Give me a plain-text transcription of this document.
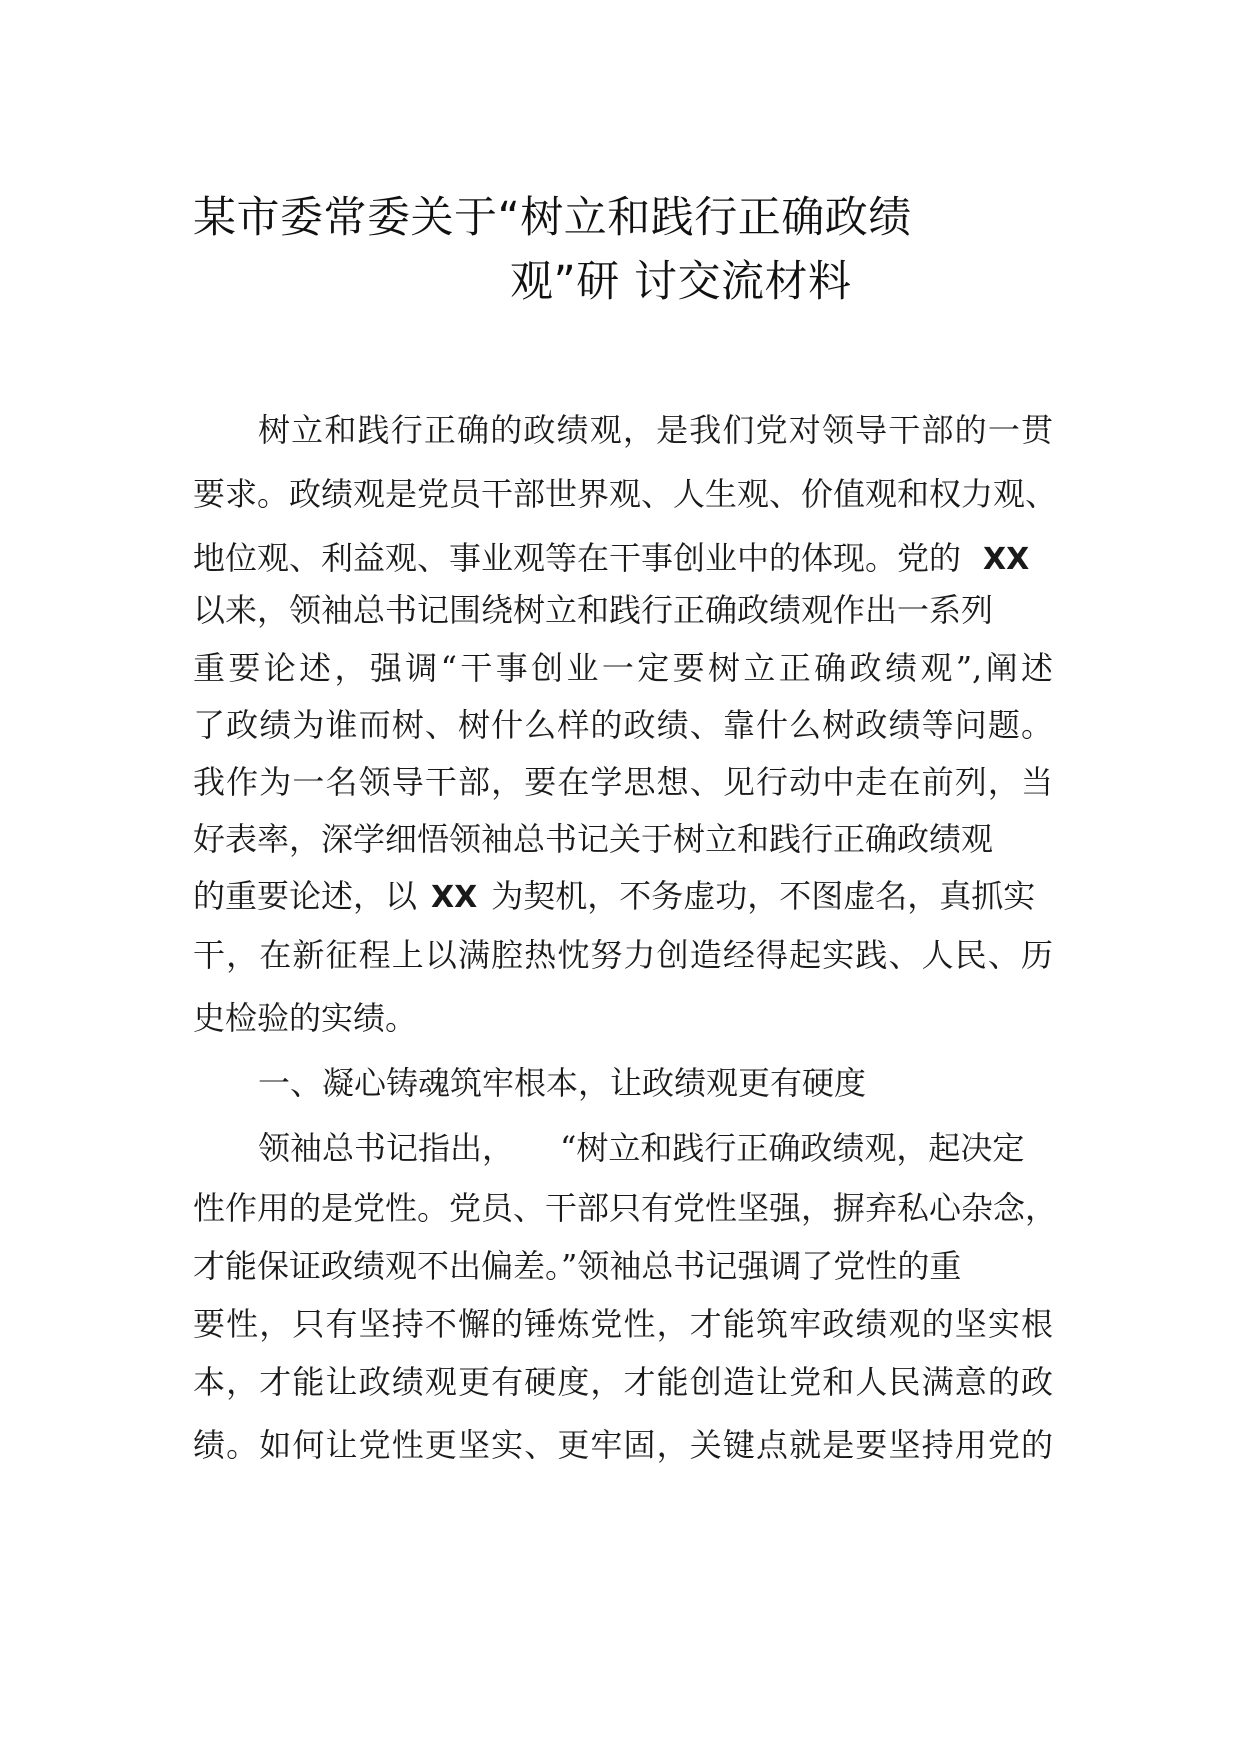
某市委常委关于“树立和践行正确政绩
观”研 讨交流材料
树立和践行正确的政绩观，是我们党对领导干部的一贯
要求。政绩观是党员干部世界观、人生观、价值观和权力观、
地位观、利益观、事业观等在干事创业中的体现。党的 XX
以来，领袖总书记围绕树立和践行正确政绩观作出一系列
重要论述，强调“干事创业一定要树立正确政绩观”,阐述
了政绩为谁而树、树什么样的政绩、靠什么树政绩等问题。
我作为一名领导干部，要在学思想、见行动中走在前列，当
好表率，深学细悟领袖总书记关于树立和践行正确政绩观
的重要论述，以 XX 为契机，不务虚功，不图虚名，真抓实
干，在新征程上以满腔热忱努力创造经得起实践、人民、历
史检验的实绩。
一、凝心铸魂筑牢根本，让政绩观更有硬度
领袖总书记指出， “树立和践行正确政绩观，起决定
性作用的是党性。党员、干部只有党性坚强，摒弃私心杂念，
才能保证政绩观不出偏差。”领袖总书记强调了党性的重
要性，只有坚持不懈的锤炼党性，才能筑牢政绩观的坚实根
本，才能让政绩观更有硬度，才能创造让党和人民满意的政
绩。如何让党性更坚实、更牢固，关键点就是要坚持用党的
